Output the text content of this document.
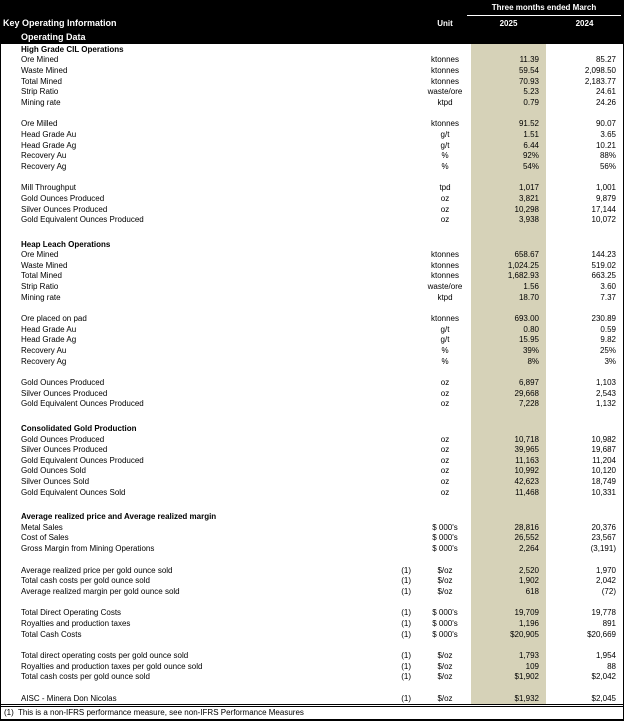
Three months ended March
Key Operating Information	Unit	2025	2024
Operating Data
High Grade CIL Operations
Ore Mined	ktonnes	11.39	85.27
Waste Mined	ktonnes	59.54	2,098.50
Total Mined	ktonnes	70.93	2,183.77
Strip Ratio	waste/ore	5.23	24.61
Mining rate	ktpd	0.79	24.26
Ore Milled	ktonnes	91.52	90.07
Head Grade Au	g/t	1.51	3.65
Head Grade Ag	g/t	6.44	10.21
Recovery Au	%	92%	88%
Recovery Ag	%	54%	56%
Mill Throughput	tpd	1,017	1,001
Gold Ounces Produced	oz	3,821	9,879
Silver Ounces Produced	oz	10,298	17,144
Gold Equivalent Ounces Produced	oz	3,938	10,072
Heap Leach Operations
Ore Mined	ktonnes	658.67	144.23
Waste Mined	ktonnes	1,024.25	519.02
Total Mined	ktonnes	1,682.93	663.25
Strip Ratio	waste/ore	1.56	3.60
Mining rate	ktpd	18.70	7.37
Ore placed on pad	ktonnes	693.00	230.89
Head Grade Au	g/t	0.80	0.59
Head Grade Ag	g/t	15.95	9.82
Recovery Au	%	39%	25%
Recovery Ag	%	8%	3%
Gold Ounces Produced	oz	6,897	1,103
Silver Ounces Produced	oz	29,668	2,543
Gold Equivalent Ounces Produced	oz	7,228	1,132
Consolidated Gold Production
Gold Ounces Produced	oz	10,718	10,982
Silver Ounces Produced	oz	39,965	19,687
Gold Equivalent Ounces Produced	oz	11,163	11,204
Gold Ounces Sold	oz	10,992	10,120
Silver Ounces Sold	oz	42,623	18,749
Gold Equivalent Ounces Sold	oz	11,468	10,331
Average realized price and Average realized margin
Metal Sales	$ 000's	28,816	20,376
Cost of Sales	$ 000's	26,552	23,567
Gross Margin from Mining Operations	$ 000's	2,264	(3,191)
Average realized price per gold ounce sold	(1)	$/oz	2,520	1,970
Total cash costs per gold ounce sold	(1)	$/oz	1,902	2,042
Average realized margin per gold ounce sold	(1)	$/oz	618	(72)
Total Direct Operating Costs	(1)	$ 000's	19,709	19,778
Royalties and production taxes	(1)	$ 000's	1,196	891
Total Cash Costs	(1)	$ 000's	$20,905	$20,669
Total direct operating costs per gold ounce sold	(1)	$/oz	1,793	1,954
Royalties and production taxes per gold ounce sold	(1)	$/oz	109	88
Total cash costs per gold ounce sold	(1)	$/oz	$1,902	$2,042
AISC - Minera Don Nicolas	(1)	$/oz	$1,932	$2,045
(1) This is a non-IFRS performance measure, see non-IFRS Performance Measures
